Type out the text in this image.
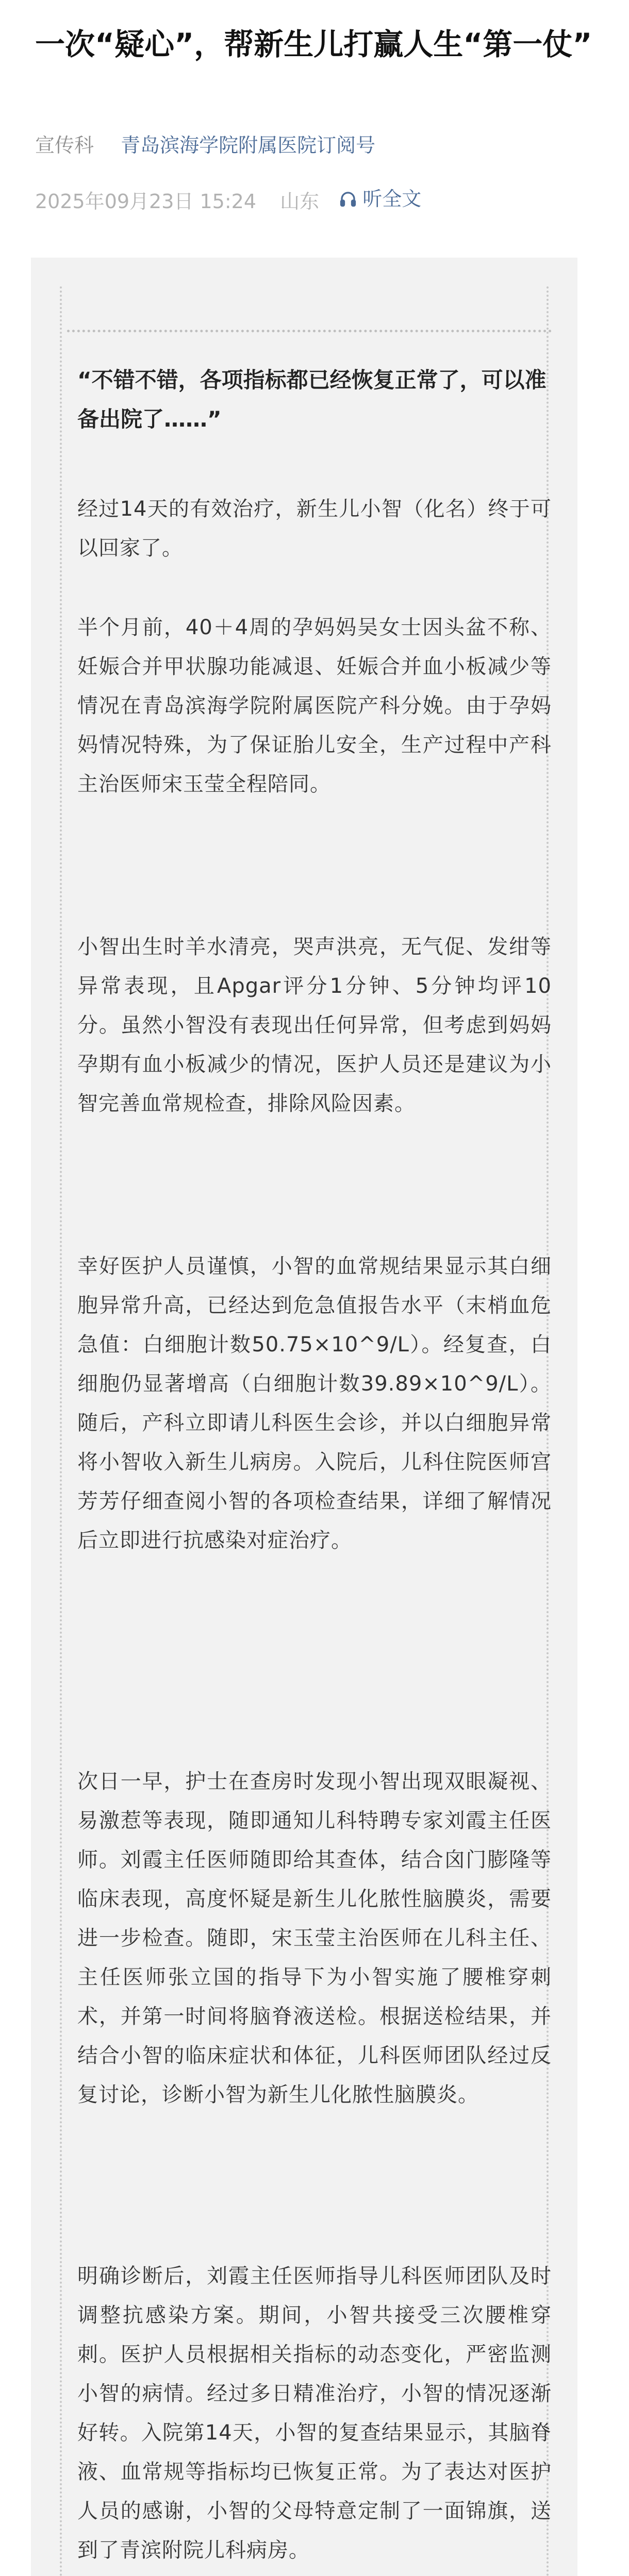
一次“疑心”，帮新生儿打赢人生“第一仗”
宣传科 青岛滨海学院附属医院订阅号
2025年09月23日 15:24 山东 听全文

“不错不错，各项指标都已经恢复正常了，可以准备出院了……”

经过14天的有效治疗，新生儿小智（化名）终于可以回家了。

半个月前，40＋4周的孕妈妈吴女士因头盆不称、妊娠合并甲状腺功能减退、妊娠合并血小板减少等情况在青岛滨海学院附属医院产科分娩。由于孕妈妈情况特殊，为了保证胎儿安全，生产过程中产科主治医师宋玉莹全程陪同。

小智出生时羊水清亮，哭声洪亮，无气促、发绀等异常表现，且Apgar评分1分钟、5分钟均评10分。虽然小智没有表现出任何异常，但考虑到妈妈孕期有血小板减少的情况，医护人员还是建议为小智完善血常规检查，排除风险因素。

幸好医护人员谨慎，小智的血常规结果显示其白细胞异常升高，已经达到危急值报告水平（末梢血危急值：白细胞计数50.75×10^9/L）。经复查，白细胞仍显著增高（白细胞计数39.89×10^9/L）。随后，产科立即请儿科医生会诊，并以白细胞异常将小智收入新生儿病房。入院后，儿科住院医师宫芳芳仔细查阅小智的各项检查结果，详细了解情况后立即进行抗感染对症治疗。

次日一早，护士在查房时发现小智出现双眼凝视、易激惹等表现，随即通知儿科特聘专家刘霞主任医师。刘霞主任医师随即给其查体，结合囟门膨隆等临床表现，高度怀疑是新生儿化脓性脑膜炎，需要进一步检查。随即，宋玉莹主治医师在儿科主任、主任医师张立国的指导下为小智实施了腰椎穿刺术，并第一时间将脑脊液送检。根据送检结果，并结合小智的临床症状和体征，儿科医师团队经过反复讨论，诊断小智为新生儿化脓性脑膜炎。

明确诊断后，刘霞主任医师指导儿科医师团队及时调整抗感染方案。期间，小智共接受三次腰椎穿刺。医护人员根据相关指标的动态变化，严密监测小智的病情。经过多日精准治疗，小智的情况逐渐好转。入院第14天，小智的复查结果显示，其脑脊液、血常规等指标均已恢复正常。为了表达对医护人员的感谢，小智的父母特意定制了一面锦旗，送到了青滨附院儿科病房。
